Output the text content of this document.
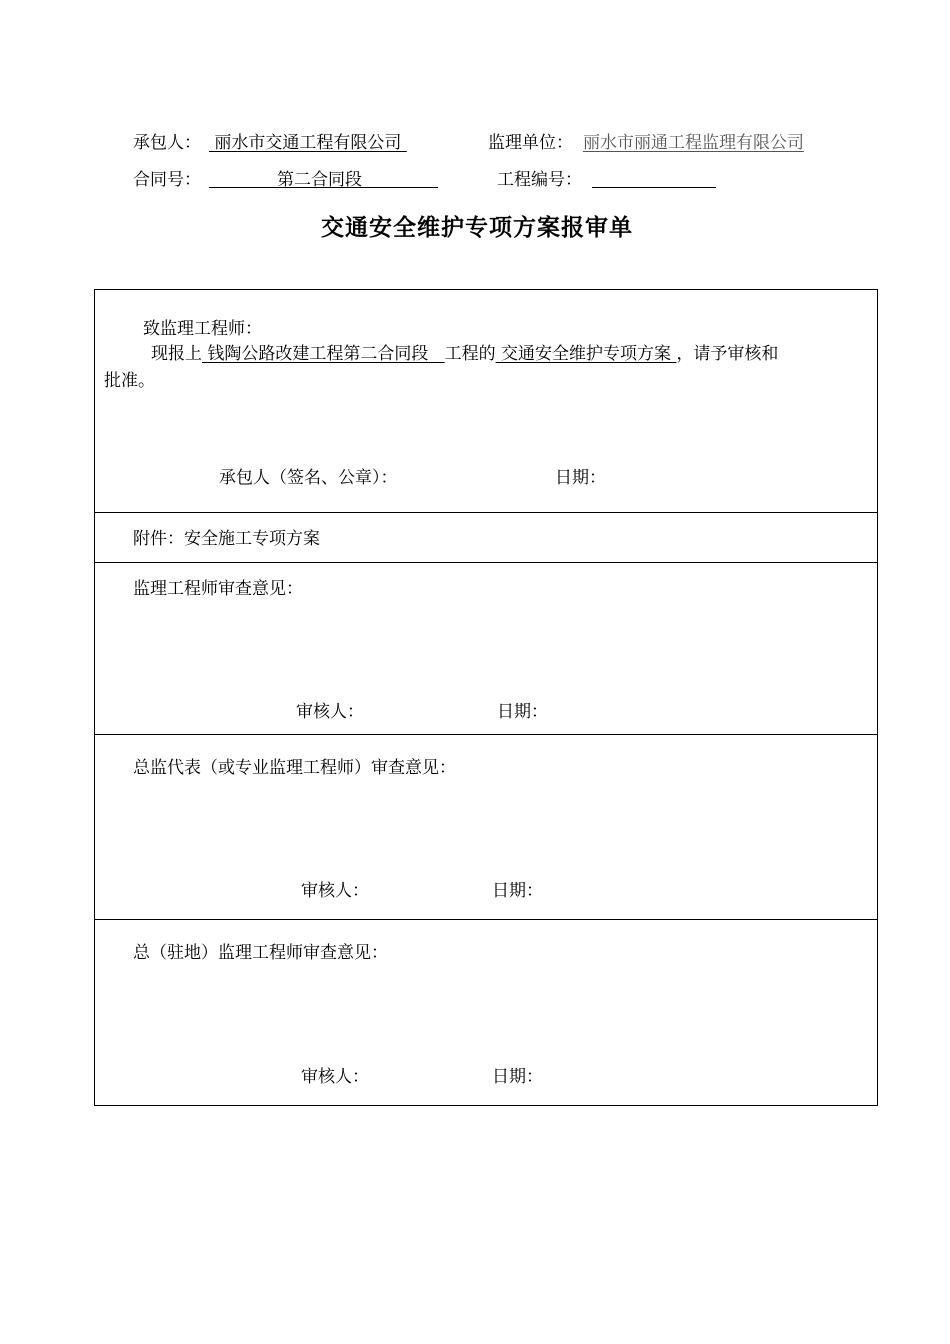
承包人： 丽水市交通工程有限公司	监理单位： 丽水市丽通工程监理有限公司
合同号：	第二合同段	工程编号：
交通安全维护专项方案报审单
致监理工程师：
现报上 钱陶公路改建工程第二合同段 工程的 交通安全维护专项方案 ，请予审核和
批准。
承包人（签名、公章）：	日期：
附件：安全施工专项方案
监理工程师审查意见：
审核人：	日期：
总监代表（或专业监理工程师）审查意见：
审核人：	日期：
总（驻地）监理工程师审查意见：
审核人：	日期：
